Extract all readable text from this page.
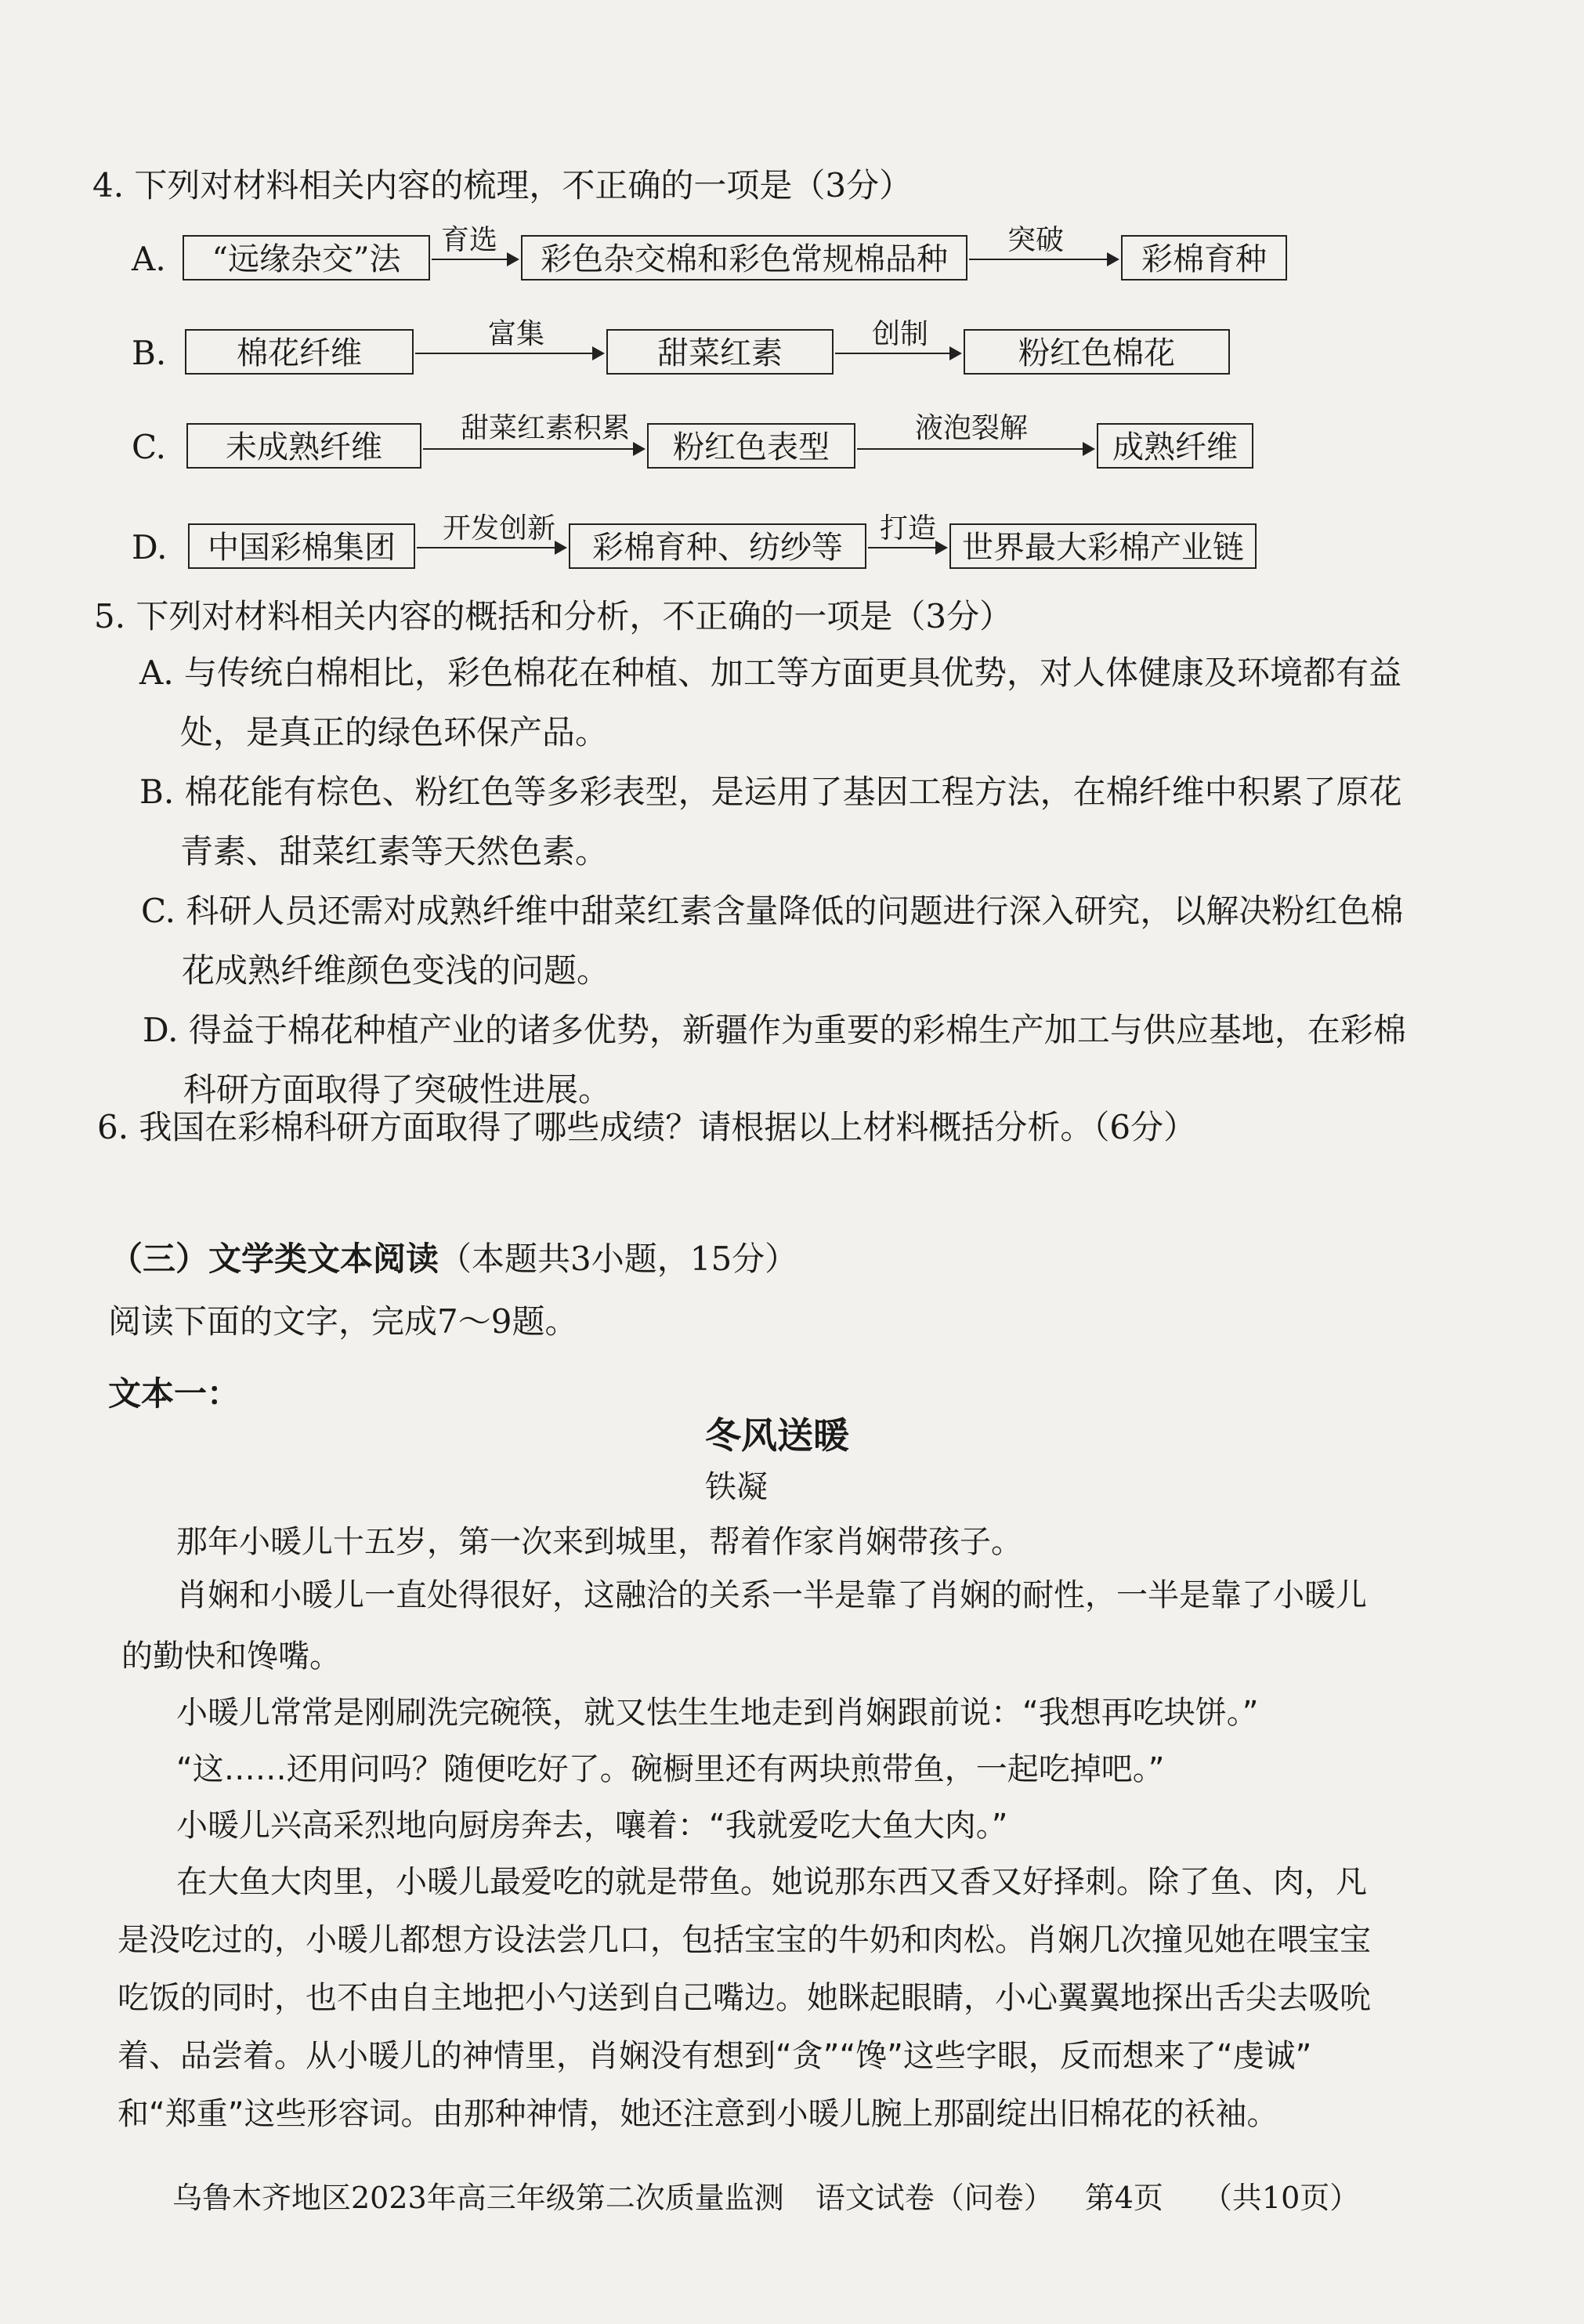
4. 下列对材料相关内容的梳理，不正确的一项是（3分）
A.	“远缘杂交”法
育选
彩色杂交棉和彩色常规棉品种
突破
彩棉育种
B.	棉花纤维
富集
甜菜红素
创制
粉红色棉花
C.	未成熟纤维
甜菜红素积累
粉红色表型
液泡裂解
成熟纤维
D.	中国彩棉集团
开发创新
彩棉育种、纺纱等
打造
世界最大彩棉产业链
5. 下列对材料相关内容的概括和分析，不正确的一项是（3分）
A. 与传统白棉相比，彩色棉花在种植、加工等方面更具优势，对人体健康及环境都有益
处，是真正的绿色环保产品。
B. 棉花能有棕色、粉红色等多彩表型，是运用了基因工程方法，在棉纤维中积累了原花
青素、甜菜红素等天然色素。
C. 科研人员还需对成熟纤维中甜菜红素含量降低的问题进行深入研究，以解决粉红色棉
花成熟纤维颜色变浅的问题。
D. 得益于棉花种植产业的诸多优势，新疆作为重要的彩棉生产加工与供应基地，在彩棉
科研方面取得了突破性进展。
6. 我国在彩棉科研方面取得了哪些成绩？请根据以上材料概括分析。（6分）
（三）文学类文本阅读（本题共3小题，15分）
阅读下面的文字，完成7～9题。
文本一：
冬风送暖
铁凝
那年小暖儿十五岁，第一次来到城里，帮着作家肖娴带孩子。
肖娴和小暖儿一直处得很好，这融洽的关系一半是靠了肖娴的耐性，一半是靠了小暖儿
的勤快和馋嘴。
小暖儿常常是刚刷洗完碗筷，就又怯生生地走到肖娴跟前说：“我想再吃块饼。”
“这……还用问吗？随便吃好了。碗橱里还有两块煎带鱼，一起吃掉吧。”
小暖儿兴高采烈地向厨房奔去，嚷着：“我就爱吃大鱼大肉。”
在大鱼大肉里，小暖儿最爱吃的就是带鱼。她说那东西又香又好择刺。除了鱼、肉，凡
是没吃过的，小暖儿都想方设法尝几口，包括宝宝的牛奶和肉松。肖娴几次撞见她在喂宝宝
吃饭的同时，也不由自主地把小勺送到自己嘴边。她眯起眼睛，小心翼翼地探出舌尖去吸吮
着、品尝着。从小暖儿的神情里，肖娴没有想到“贪”“馋”这些字眼，反而想来了“虔诚”
和“郑重”这些形容词。由那种神情，她还注意到小暖儿腕上那副绽出旧棉花的袄袖。
乌鲁木齐地区2023年高三年级第二次质量监测 语文试卷（问卷） 第4页 （共10页）
